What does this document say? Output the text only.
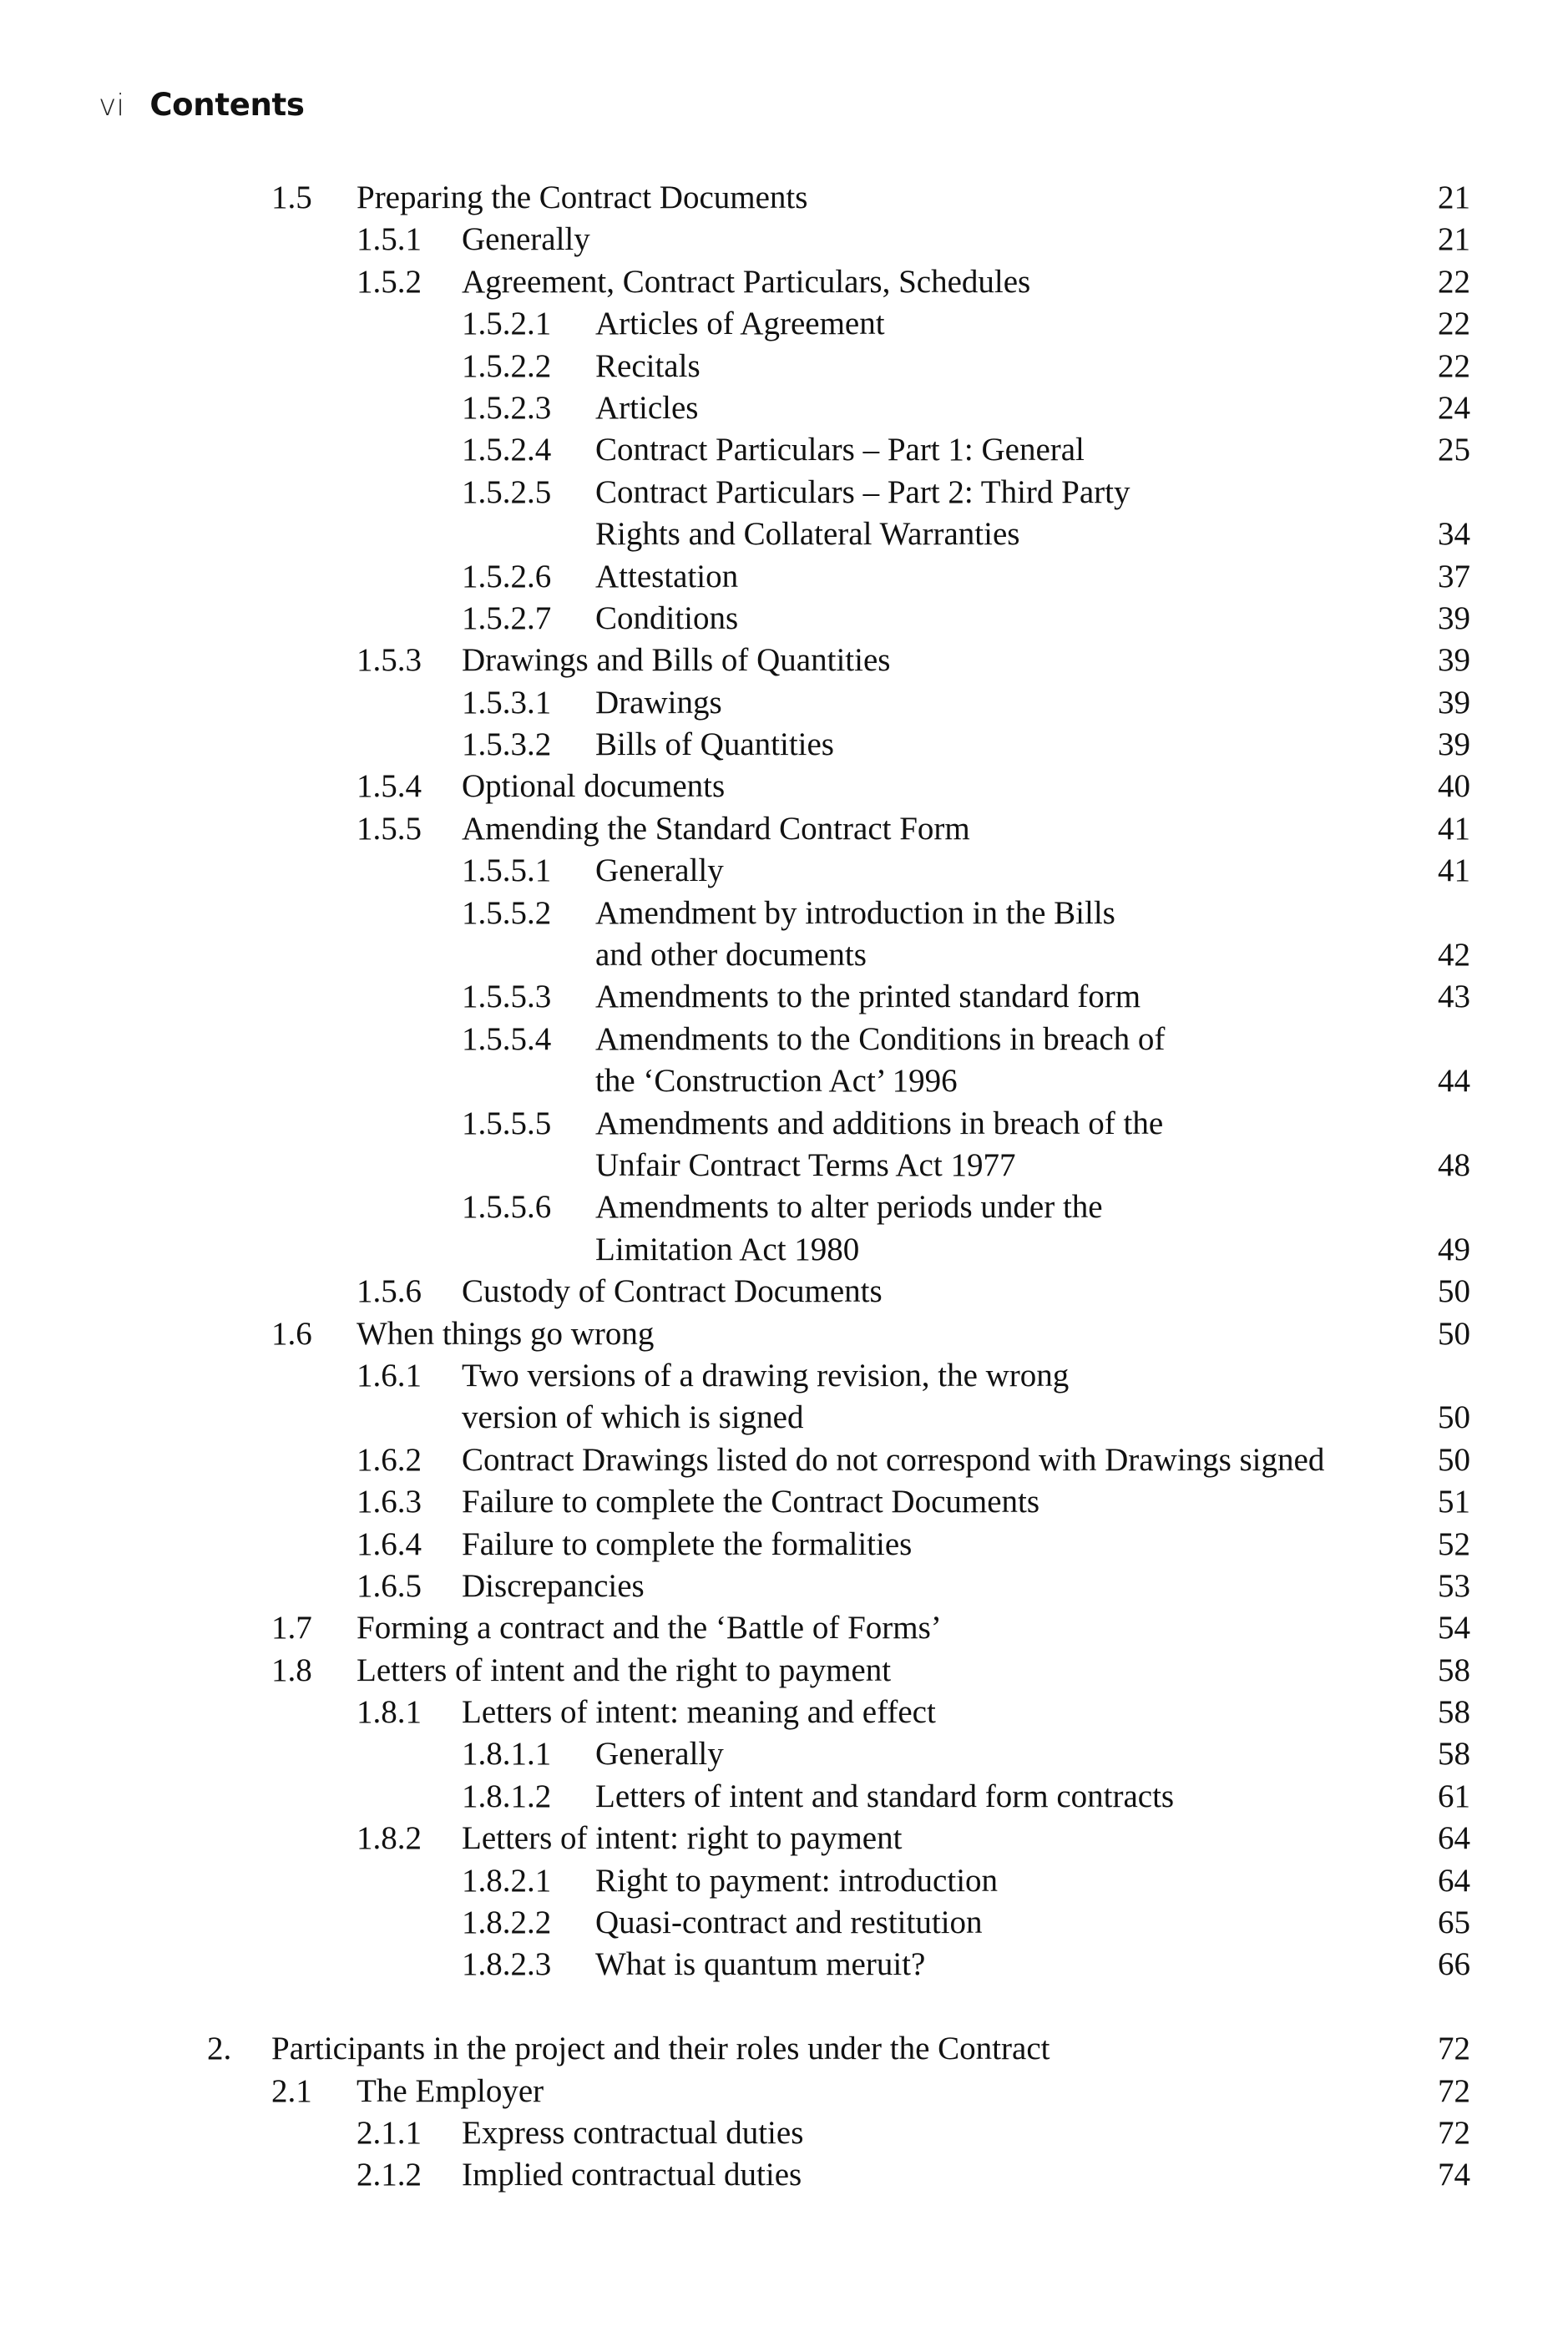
vi Contents
1.5 Preparing the Contract Documents	21
1.5.1 Generally	21
1.5.2 Agreement, Contract Particulars, Schedules	22
1.5.2.1 Articles of Agreement	22
1.5.2.2 Recitals	22
1.5.2.3 Articles	24
1.5.2.4 Contract Particulars – Part 1: General	25
1.5.2.5 Contract Particulars – Part 2: Third Party
Rights and Collateral Warranties	34
1.5.2.6 Attestation	37
1.5.2.7 Conditions	39
1.5.3 Drawings and Bills of Quantities	39
1.5.3.1 Drawings	39
1.5.3.2 Bills of Quantities	39
1.5.4 Optional documents	40
1.5.5 Amending the Standard Contract Form	41
1.5.5.1 Generally	41
1.5.5.2 Amendment by introduction in the Bills
and other documents	42
1.5.5.3 Amendments to the printed standard form	43
1.5.5.4 Amendments to the Conditions in breach of
the ‘Construction Act’ 1996	44
1.5.5.5 Amendments and additions in breach of the
Unfair Contract Terms Act 1977	48
1.5.5.6 Amendments to alter periods under the
Limitation Act 1980	49
1.5.6 Custody of Contract Documents	50
1.6 When things go wrong	50
1.6.1 Two versions of a drawing revision, the wrong
version of which is signed	50
1.6.2 Contract Drawings listed do not correspond with Drawings signed	50
1.6.3 Failure to complete the Contract Documents	51
1.6.4 Failure to complete the formalities	52
1.6.5 Discrepancies	53
1.7 Forming a contract and the ‘Battle of Forms’	54
1.8 Letters of intent and the right to payment	58
1.8.1 Letters of intent: meaning and effect	58
1.8.1.1 Generally	58
1.8.1.2 Letters of intent and standard form contracts	61
1.8.2 Letters of intent: right to payment	64
1.8.2.1 Right to payment: introduction	64
1.8.2.2 Quasi-contract and restitution	65
1.8.2.3 What is quantum meruit?	66
2. Participants in the project and their roles under the Contract	72
2.1 The Employer	72
2.1.1 Express contractual duties	72
2.1.2 Implied contractual duties	74
